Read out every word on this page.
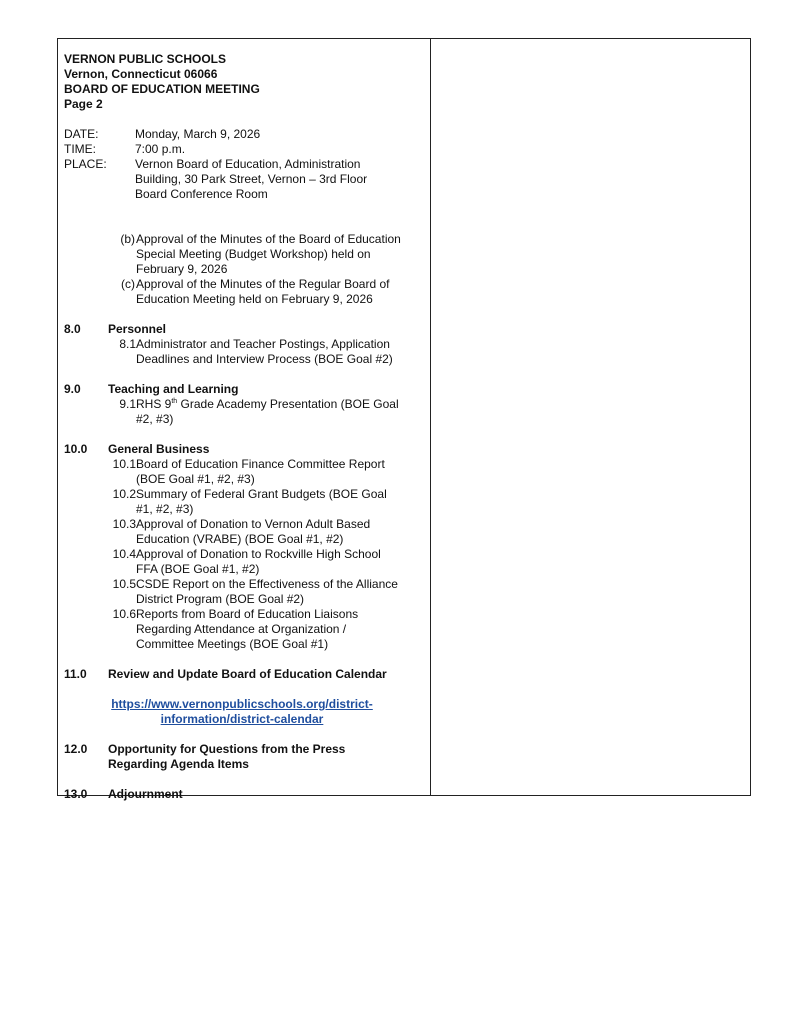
VERNON PUBLIC SCHOOLS
Vernon, Connecticut 06066
BOARD OF EDUCATION MEETING
Page 2
DATE:	Monday, March 9, 2026
TIME:	7:00 p.m.
PLACE:	Vernon Board of Education, Administration
Building, 30 Park Street, Vernon – 3rd Floor
Board Conference Room
(b) Approval of the Minutes of the Board of Education
Special Meeting (Budget Workshop) held on
February 9, 2026
(c) Approval of the Minutes of the Regular Board of
Education Meeting held on February 9, 2026
8.0	Personnel
8.1 Administrator and Teacher Postings, Application
Deadlines and Interview Process (BOE Goal #2)
9.0	Teaching and Learning
9.1 RHS 9th Grade Academy Presentation (BOE Goal
#2, #3)
10.0	General Business
10.1 Board of Education Finance Committee Report
(BOE Goal #1, #2, #3)
10.2 Summary of Federal Grant Budgets (BOE Goal
#1, #2, #3)
10.3 Approval of Donation to Vernon Adult Based
Education (VRABE) (BOE Goal #1, #2)
10.4 Approval of Donation to Rockville High School
FFA (BOE Goal #1, #2)
10.5 CSDE Report on the Effectiveness of the Alliance
District Program (BOE Goal #2)
10.6 Reports from Board of Education Liaisons
Regarding Attendance at Organization /
Committee Meetings (BOE Goal #1)
11.0	Review and Update Board of Education Calendar
https://www.vernonpublicschools.org/district-
information/district-calendar
12.0	Opportunity for Questions from the Press
Regarding Agenda Items
13.0	Adjournment
